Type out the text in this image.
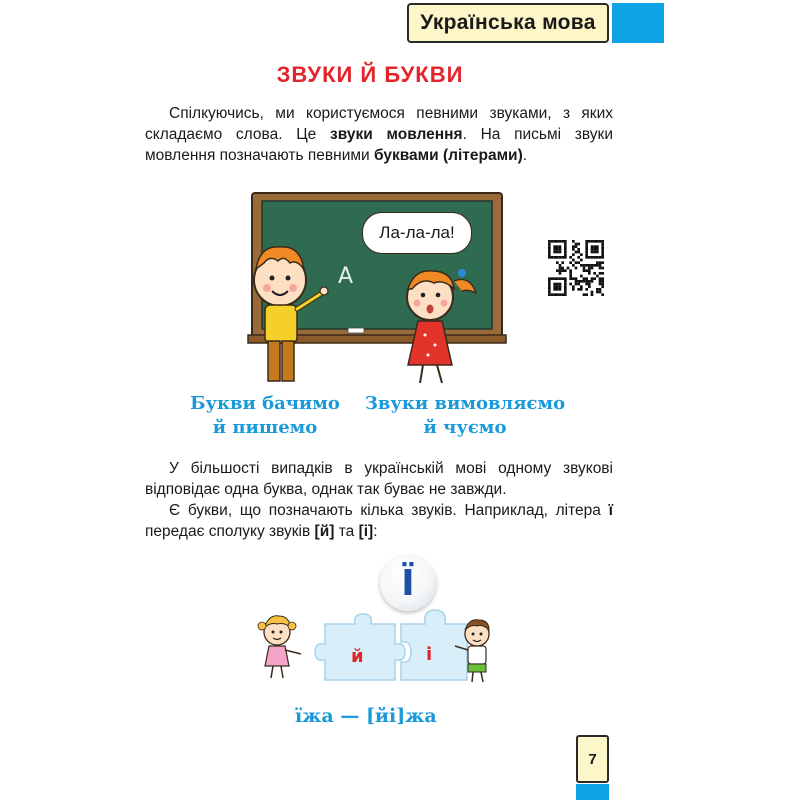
Українська мова
ЗВУКИ Й БУКВИ
Спілкуючись, ми користуємося певними звуками, з яких складаємо слова. Це звуки мовлення. На письмі звуки мовлення позначають певними буквами (літерами).
А
Ла-ла-ла!
Букви бачимо
й пишемо
Звуки вимовляємо
й чуємо
У більшості випадків в українській мові одному звукові відповідає одна буква, однак так буває не завжди.
Є букви, що позначають кілька звуків. Наприклад, літера ї передає сполуку звуків [й] та [і]:
Ї
й	і
їжа — [йі]жа
7
